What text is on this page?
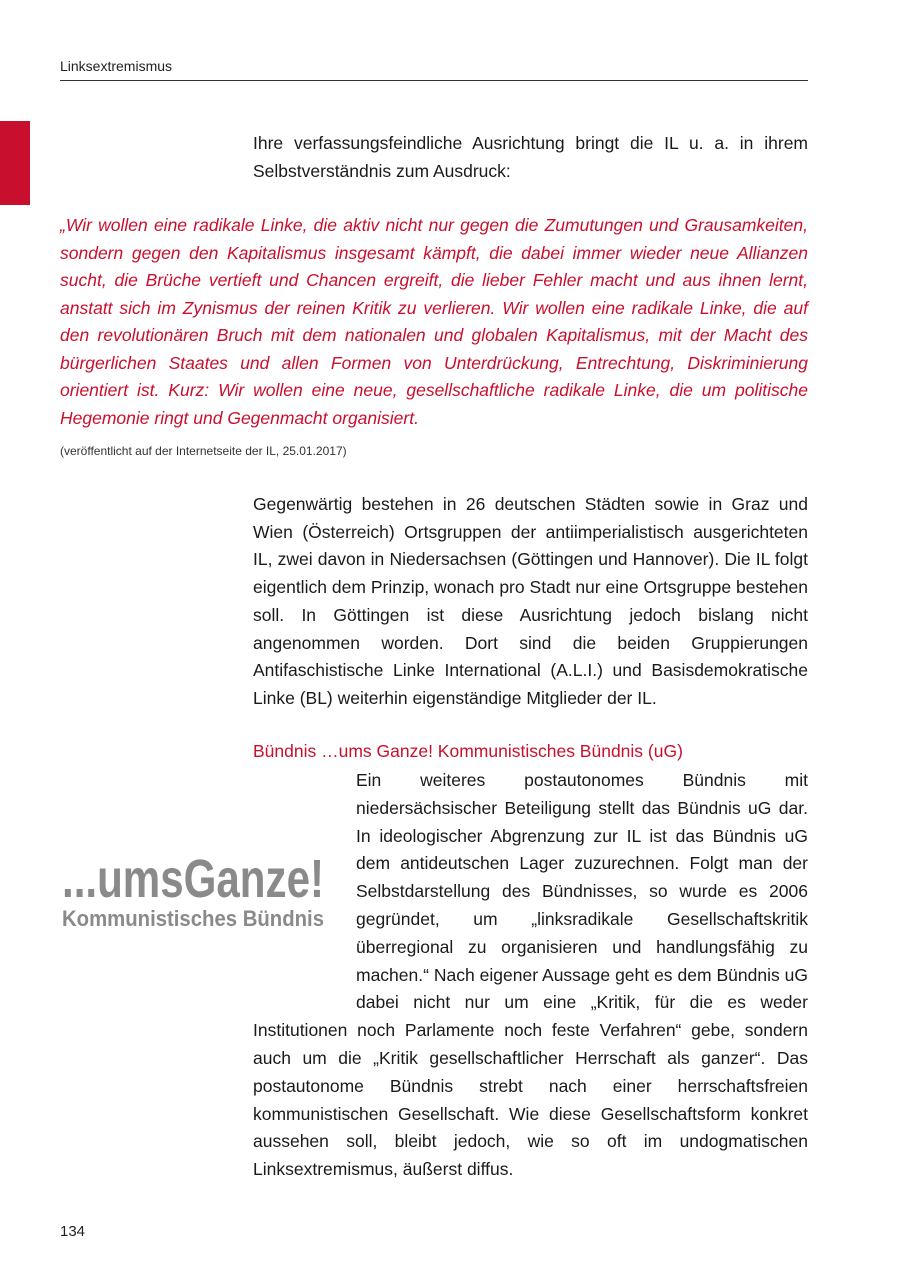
Linksextremismus
Ihre verfassungsfeindliche Ausrichtung bringt die IL u. a. in ihrem Selbstverständnis zum Ausdruck:
„Wir wollen eine radikale Linke, die aktiv nicht nur gegen die Zumutungen und Grausamkeiten, sondern gegen den Kapitalismus insgesamt kämpft, die dabei immer wieder neue Allianzen sucht, die Brüche vertieft und Chancen ergreift, die lieber Fehler macht und aus ihnen lernt, anstatt sich im Zynismus der reinen Kritik zu verlieren. Wir wollen eine radikale Linke, die auf den revolutionären Bruch mit dem nationalen und globalen Kapitalismus, mit der Macht des bürgerlichen Staates und allen Formen von Unterdrückung, Entrechtung, Diskriminierung orientiert ist. Kurz: Wir wollen eine neue, gesellschaftliche radikale Linke, die um politische Hegemonie ringt und Gegenmacht organisiert.
(veröffentlicht auf der Internetseite der IL, 25.01.2017)
Gegenwärtig bestehen in 26 deutschen Städten sowie in Graz und Wien (Österreich) Ortsgruppen der antiimperialistisch ausgerichteten IL, zwei davon in Niedersachsen (Göttingen und Hannover). Die IL folgt eigentlich dem Prinzip, wonach pro Stadt nur eine Ortsgruppe bestehen soll. In Göttingen ist diese Ausrichtung jedoch bislang nicht angenommen worden. Dort sind die beiden Gruppierungen Antifaschistische Linke International (A.L.I.) und Basisdemokratische Linke (BL) weiterhin eigenständige Mitglieder der IL.
Bündnis …ums Ganze! Kommunistisches Bündnis (uG)
Ein weiteres postautonomes Bündnis mit niedersächsischer Beteiligung stellt das Bündnis uG dar. In ideologischer Abgrenzung zur IL ist das Bündnis uG dem antideutschen Lager zuzurechnen. Folgt man der Selbstdarstellung des Bündnisses, so wurde es 2006 gegründet, um „linksradikale Gesellschaftskritik überregional zu organisieren und handlungsfähig zu machen.“ Nach eigener Aussage geht es dem Bündnis uG dabei nicht nur um eine „Kritik, für die es weder Institutionen noch Parlamente noch feste Verfahren“ gebe, sondern auch um die „Kritik gesellschaftlicher Herrschaft als ganzer“. Das postautonome Bündnis strebt nach einer herrschaftsfreien kommunistischen Gesellschaft. Wie diese Gesellschaftsform konkret aussehen soll, bleibt jedoch, wie so oft im undogmatischen Linksextremismus, äußerst diffus.
...umsGanze!
Kommunistisches Bündnis
134
